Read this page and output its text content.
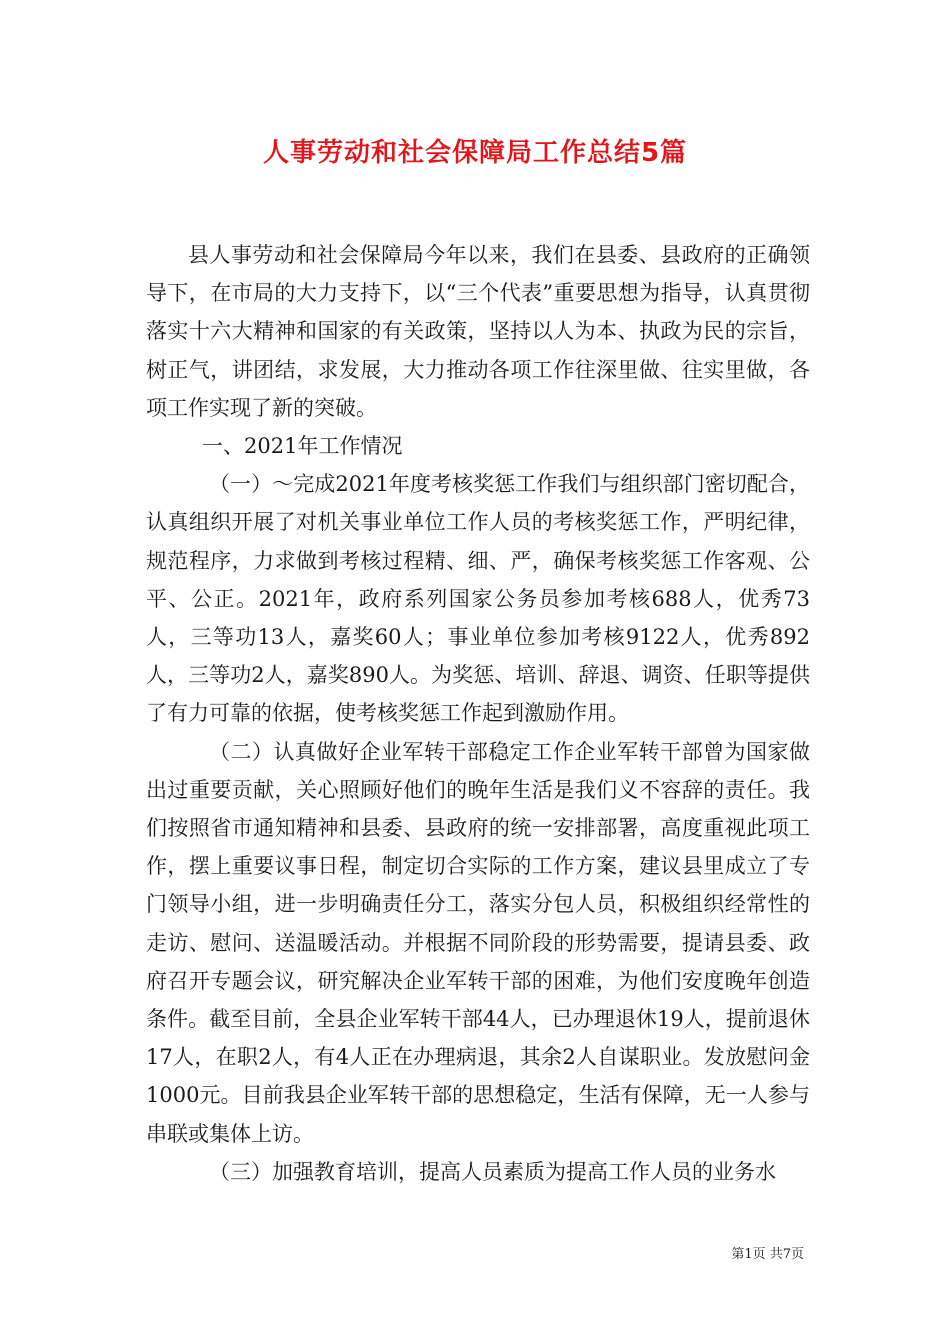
人事劳动和社会保障局工作总结5篇

县人事劳动和社会保障局今年以来，我们在县委、县政府的正确领导下，在市局的大力支持下，以“三个代表”重要思想为指导，认真贯彻落实十六大精神和国家的有关政策，坚持以人为本、执政为民的宗旨，树正气，讲团结，求发展，大力推动各项工作往深里做、往实里做，各项工作实现了新的突破。

一、2021年工作情况

（一）～完成2021年度考核奖惩工作我们与组织部门密切配合，认真组织开展了对机关事业单位工作人员的考核奖惩工作，严明纪律，规范程序，力求做到考核过程精、细、严，确保考核奖惩工作客观、公平、公正。2021年，政府系列国家公务员参加考核688人，优秀73人，三等功13人，嘉奖60人；事业单位参加考核9122人，优秀892人，三等功2人，嘉奖890人。为奖惩、培训、辞退、调资、任职等提供了有力可靠的依据，使考核奖惩工作起到激励作用。

（二）认真做好企业军转干部稳定工作企业军转干部曾为国家做出过重要贡献，关心照顾好他们的晚年生活是我们义不容辞的责任。我们按照省市通知精神和县委、县政府的统一安排部署，高度重视此项工作，摆上重要议事日程，制定切合实际的工作方案，建议县里成立了专门领导小组，进一步明确责任分工，落实分包人员，积极组织经常性的走访、慰问、送温暖活动。并根据不同阶段的形势需要，提请县委、政府召开专题会议，研究解决企业军转干部的困难，为他们安度晚年创造条件。截至目前，全县企业军转干部44人，已办理退休19人，提前退休17人，在职2人，有4人正在办理病退，其余2人自谋职业。发放慰问金1000元。目前我县企业军转干部的思想稳定，生活有保障，无一人参与串联或集体上访。

（三）加强教育培训，提高人员素质为提高工作人员的业务水

第1页 共7页
